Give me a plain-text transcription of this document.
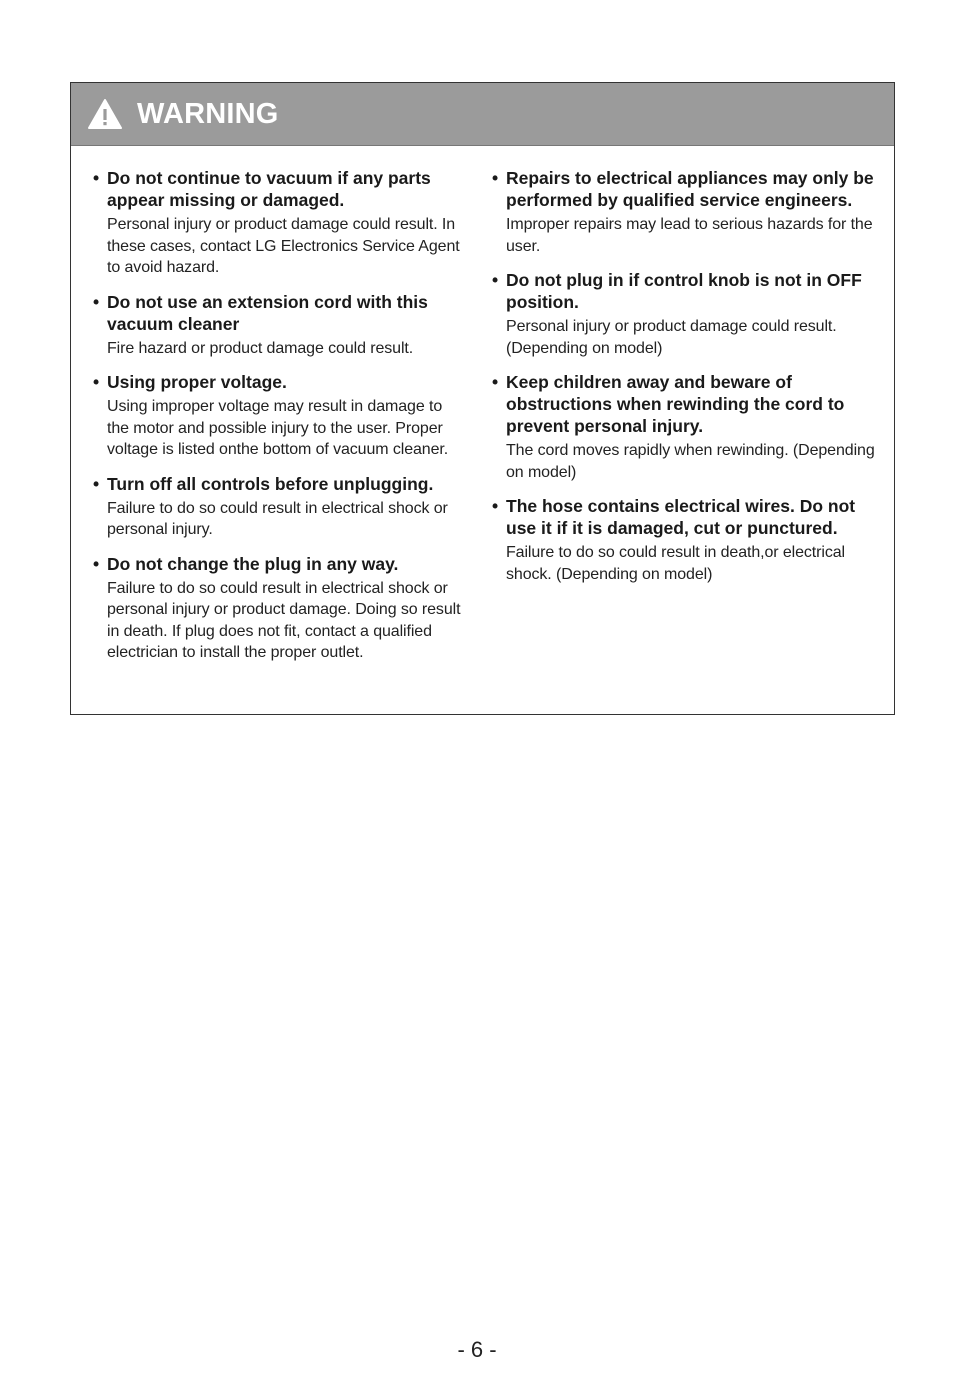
WARNING
• Do not continue to vacuum if any parts appear missing or damaged.
Personal injury or product damage could result. In these cases, contact LG Electronics Service Agent to avoid hazard.
• Do not use an extension cord with this vacuum cleaner
Fire hazard or product damage could result.
• Using proper voltage.
Using improper voltage may result in damage to the motor and possible injury to the user. Proper voltage is listed onthe bottom of vacuum cleaner.
• Turn off all controls before unplugging.
Failure to do so could result in electrical shock or personal injury.
• Do not change the plug in any way.
Failure to do so could result in electrical shock or personal injury or product damage. Doing so result in death. If plug does not fit, contact a qualified electrician to install the proper outlet.
• Repairs to electrical appliances may only be performed by qualified service engineers.
Improper repairs may lead to serious hazards for the user.
• Do not plug in if control knob is not in OFF position.
Personal injury or product damage could result. (Depending on model)
• Keep children away and beware of obstructions when rewinding the cord to prevent personal injury.
The cord moves rapidly when rewinding. (Depending on model)
• The hose contains electrical wires. Do not use it if it is damaged, cut or punctured.
Failure to do so could result in death,or electrical shock. (Depending on model)
- 6 -
